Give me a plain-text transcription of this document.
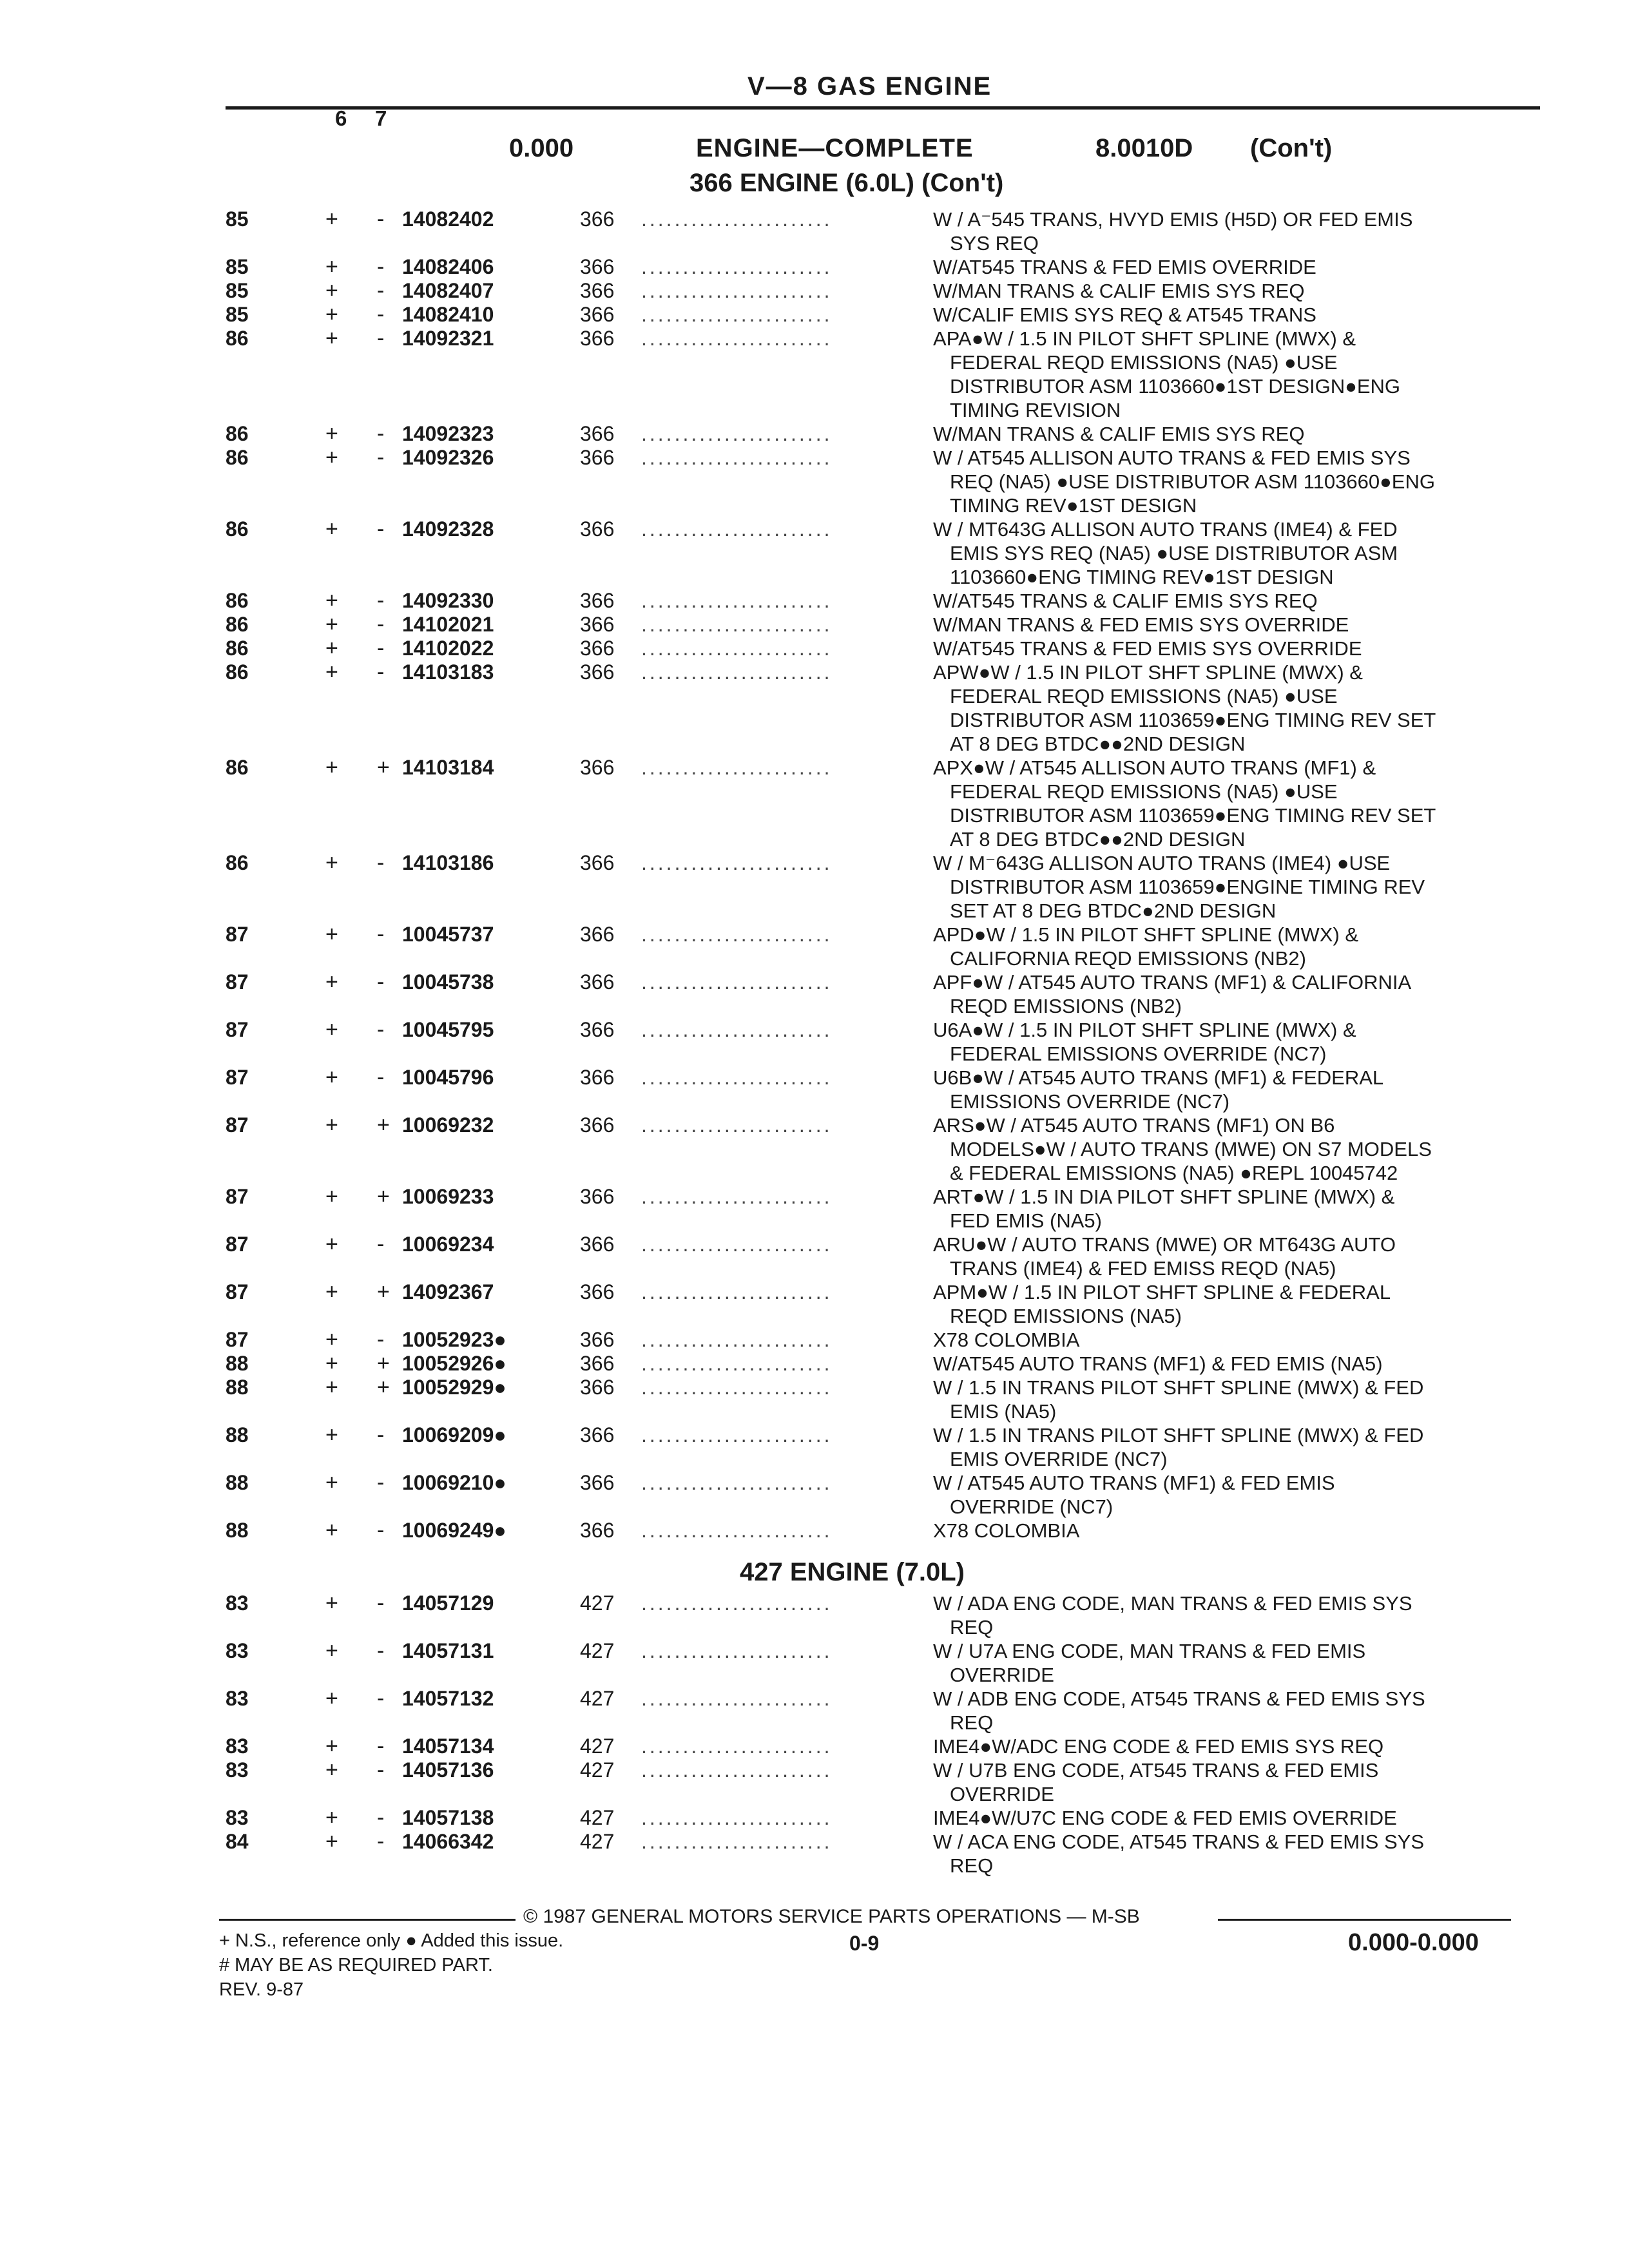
V—8 GAS ENGINE
6 7
0.000	ENGINE—COMPLETE	8.0010D (Con't)
366 ENGINE (6.0L) (Con't)
85	+ - 14082402	366 .......................	W / A⁻545 TRANS, HVYD EMIS (H5D) OR FED EMIS
SYS REQ
85	+ - 14082406	366 .......................	W/AT545 TRANS & FED EMIS OVERRIDE
85	+ - 14082407	366 .......................	W/MAN TRANS & CALIF EMIS SYS REQ
85	+ - 14082410	366 .......................	W/CALIF EMIS SYS REQ & AT545 TRANS
86	+ - 14092321	366 .......................	APA●W / 1.5 IN PILOT SHFT SPLINE (MWX) &
FEDERAL REQD EMISSIONS (NA5) ●USE
DISTRIBUTOR ASM 1103660●1ST DESIGN●ENG
TIMING REVISION
86	+ - 14092323	366 .......................	W/MAN TRANS & CALIF EMIS SYS REQ
86	+ - 14092326	366 .......................	W / AT545 ALLISON AUTO TRANS & FED EMIS SYS
REQ (NA5) ●USE DISTRIBUTOR ASM 1103660●ENG
TIMING REV●1ST DESIGN
86	+ - 14092328	366 .......................	W / MT643G ALLISON AUTO TRANS (IME4) & FED
EMIS SYS REQ (NA5) ●USE DISTRIBUTOR ASM
1103660●ENG TIMING REV●1ST DESIGN
86	+ - 14092330	366 .......................	W/AT545 TRANS & CALIF EMIS SYS REQ
86	+ - 14102021	366 .......................	W/MAN TRANS & FED EMIS SYS OVERRIDE
86	+ - 14102022	366 .......................	W/AT545 TRANS & FED EMIS SYS OVERRIDE
86	+ - 14103183	366 .......................	APW●W / 1.5 IN PILOT SHFT SPLINE (MWX) &
FEDERAL REQD EMISSIONS (NA5) ●USE
DISTRIBUTOR ASM 1103659●ENG TIMING REV SET
AT 8 DEG BTDC●●2ND DESIGN
86	+ + 14103184	366 .......................	APX●W / AT545 ALLISON AUTO TRANS (MF1) &
FEDERAL REQD EMISSIONS (NA5) ●USE
DISTRIBUTOR ASM 1103659●ENG TIMING REV SET
AT 8 DEG BTDC●●2ND DESIGN
86	+ - 14103186	366 .......................	W / M⁻643G ALLISON AUTO TRANS (IME4) ●USE
DISTRIBUTOR ASM 1103659●ENGINE TIMING REV
SET AT 8 DEG BTDC●2ND DESIGN
87	+ - 10045737	366 .......................	APD●W / 1.5 IN PILOT SHFT SPLINE (MWX) &
CALIFORNIA REQD EMISSIONS (NB2)
87	+ - 10045738	366 .......................	APF●W / AT545 AUTO TRANS (MF1) & CALIFORNIA
REQD EMISSIONS (NB2)
87	+ - 10045795	366 .......................	U6A●W / 1.5 IN PILOT SHFT SPLINE (MWX) &
FEDERAL EMISSIONS OVERRIDE (NC7)
87	+ - 10045796	366 .......................	U6B●W / AT545 AUTO TRANS (MF1) & FEDERAL
EMISSIONS OVERRIDE (NC7)
87	+ + 10069232	366 .......................	ARS●W / AT545 AUTO TRANS (MF1) ON B6
MODELS●W / AUTO TRANS (MWE) ON S7 MODELS
& FEDERAL EMISSIONS (NA5) ●REPL 10045742
87	+ + 10069233	366 .......................	ART●W / 1.5 IN DIA PILOT SHFT SPLINE (MWX) &
FED EMIS (NA5)
87	+ - 10069234	366 .......................	ARU●W / AUTO TRANS (MWE) OR MT643G AUTO
TRANS (IME4) & FED EMISS REQD (NA5)
87	+ + 14092367	366 .......................	APM●W / 1.5 IN PILOT SHFT SPLINE & FEDERAL
REQD EMISSIONS (NA5)
87	+ - 10052923●	366 .......................	X78 COLOMBIA
88	+ + 10052926●	366 .......................	W/AT545 AUTO TRANS (MF1) & FED EMIS (NA5)
88	+ + 10052929●	366 .......................	W / 1.5 IN TRANS PILOT SHFT SPLINE (MWX) & FED
EMIS (NA5)
88	+ - 10069209●	366 .......................	W / 1.5 IN TRANS PILOT SHFT SPLINE (MWX) & FED
EMIS OVERRIDE (NC7)
88	+ - 10069210●	366 .......................	W / AT545 AUTO TRANS (MF1) & FED EMIS
OVERRIDE (NC7)
88	+ - 10069249●	366 .......................	X78 COLOMBIA
427 ENGINE (7.0L)
83	+ - 14057129	427 .......................	W / ADA ENG CODE, MAN TRANS & FED EMIS SYS
REQ
83	+ - 14057131	427 .......................	W / U7A ENG CODE, MAN TRANS & FED EMIS
OVERRIDE
83	+ - 14057132	427 .......................	W / ADB ENG CODE, AT545 TRANS & FED EMIS SYS
REQ
83	+ - 14057134	427 .......................	IME4●W/ADC ENG CODE & FED EMIS SYS REQ
83	+ - 14057136	427 .......................	W / U7B ENG CODE, AT545 TRANS & FED EMIS
OVERRIDE
83	+ - 14057138	427 .......................	IME4●W/U7C ENG CODE & FED EMIS OVERRIDE
84	+ - 14066342	427 .......................	W / ACA ENG CODE, AT545 TRANS & FED EMIS SYS
REQ
© 1987 GENERAL MOTORS SERVICE PARTS OPERATIONS — M-SB
+ N.S., reference only ● Added this issue.
# MAY BE AS REQUIRED PART.
REV. 9-87
0-9	0.000-0.000
